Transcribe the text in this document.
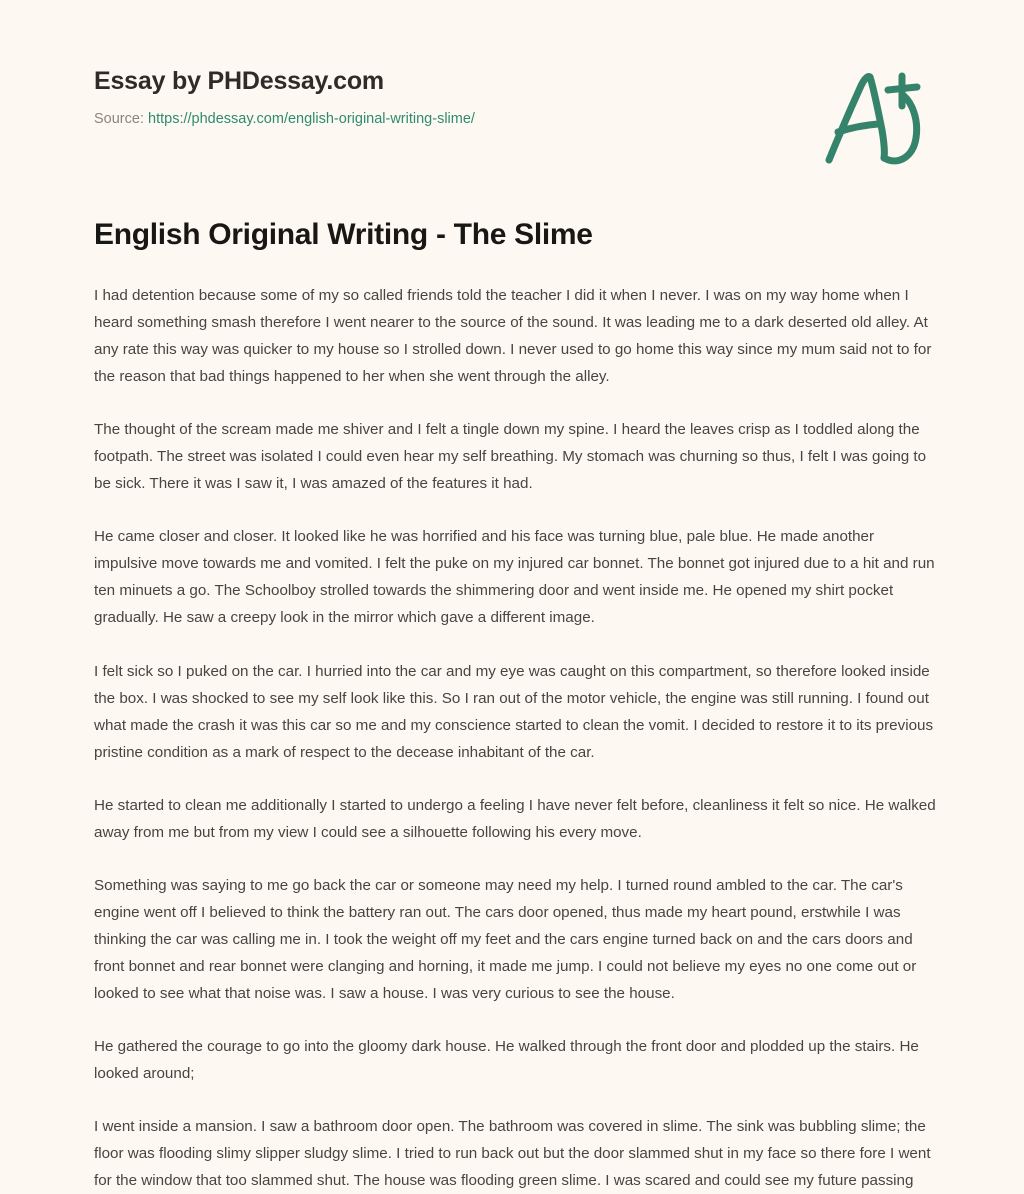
Essay by PHDessay.com
Source: https://phdessay.com/english-original-writing-slime/
English Original Writing - The Slime

I had detention because some of my so called friends told the teacher I did it when I never. I was on my way home when I heard something smash therefore I went nearer to the source of the sound. It was leading me to a dark deserted old alley. At any rate this way was quicker to my house so I strolled down. I never used to go home this way since my mum said not to for the reason that bad things happened to her when she went through the alley.

The thought of the scream made me shiver and I felt a tingle down my spine. I heard the leaves crisp as I toddled along the footpath. The street was isolated I could even hear my self breathing. My stomach was churning so thus, I felt I was going to be sick. There it was I saw it, I was amazed of the features it had.

He came closer and closer. It looked like he was horrified and his face was turning blue, pale blue. He made another impulsive move towards me and vomited. I felt the puke on my injured car bonnet. The bonnet got injured due to a hit and run ten minuets a go. The Schoolboy strolled towards the shimmering door and went inside me. He opened my shirt pocket gradually. He saw a creepy look in the mirror which gave a different image.

I felt sick so I puked on the car. I hurried into the car and my eye was caught on this compartment, so therefore looked inside the box. I was shocked to see my self look like this. So I ran out of the motor vehicle, the engine was still running. I found out what made the crash it was this car so me and my conscience started to clean the vomit. I decided to restore it to its previous pristine condition as a mark of respect to the decease inhabitant of the car.

He started to clean me additionally I started to undergo a feeling I have never felt before, cleanliness it felt so nice. He walked away from me but from my view I could see a silhouette following his every move.

Something was saying to me go back the car or someone may need my help. I turned round ambled to the car. The car's engine went off I believed to think the battery ran out. The cars door opened, thus made my heart pound, erstwhile I was thinking the car was calling me in. I took the weight off my feet and the cars engine turned back on and the cars doors and front bonnet and rear bonnet were clanging and horning, it made me jump. I could not believe my eyes no one come out or looked to see what that noise was. I saw a house. I was very curious to see the house.

He gathered the courage to go into the gloomy dark house. He walked through the front door and plodded up the stairs. He looked around;

I went inside a mansion. I saw a bathroom door open. The bathroom was covered in slime. The sink was bubbling slime; the floor was flooding slimy slipper sludgy slime. I tried to run back out but the door slammed shut in my face so there fore I went for the window that too slammed shut. The house was flooding green slime. I was scared and could see my future passing
